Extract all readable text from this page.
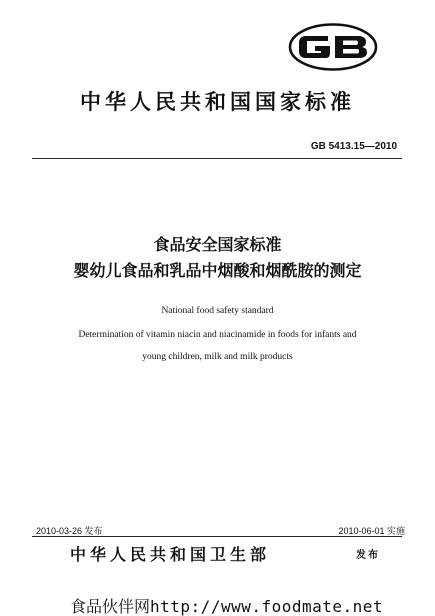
中华人民共和国国家标准
GB 5413.15—2010
食品安全国家标准
婴幼儿食品和乳品中烟酸和烟酰胺的测定
National food safety standard
Determination of vitamin niacin and niacinamide in foods for infants and
young children, milk and milk products
2010-03-26 发布	2010-06-01 实施
中华人民共和国卫生部	发布
食品伙伴网http://www.foodmate.net
